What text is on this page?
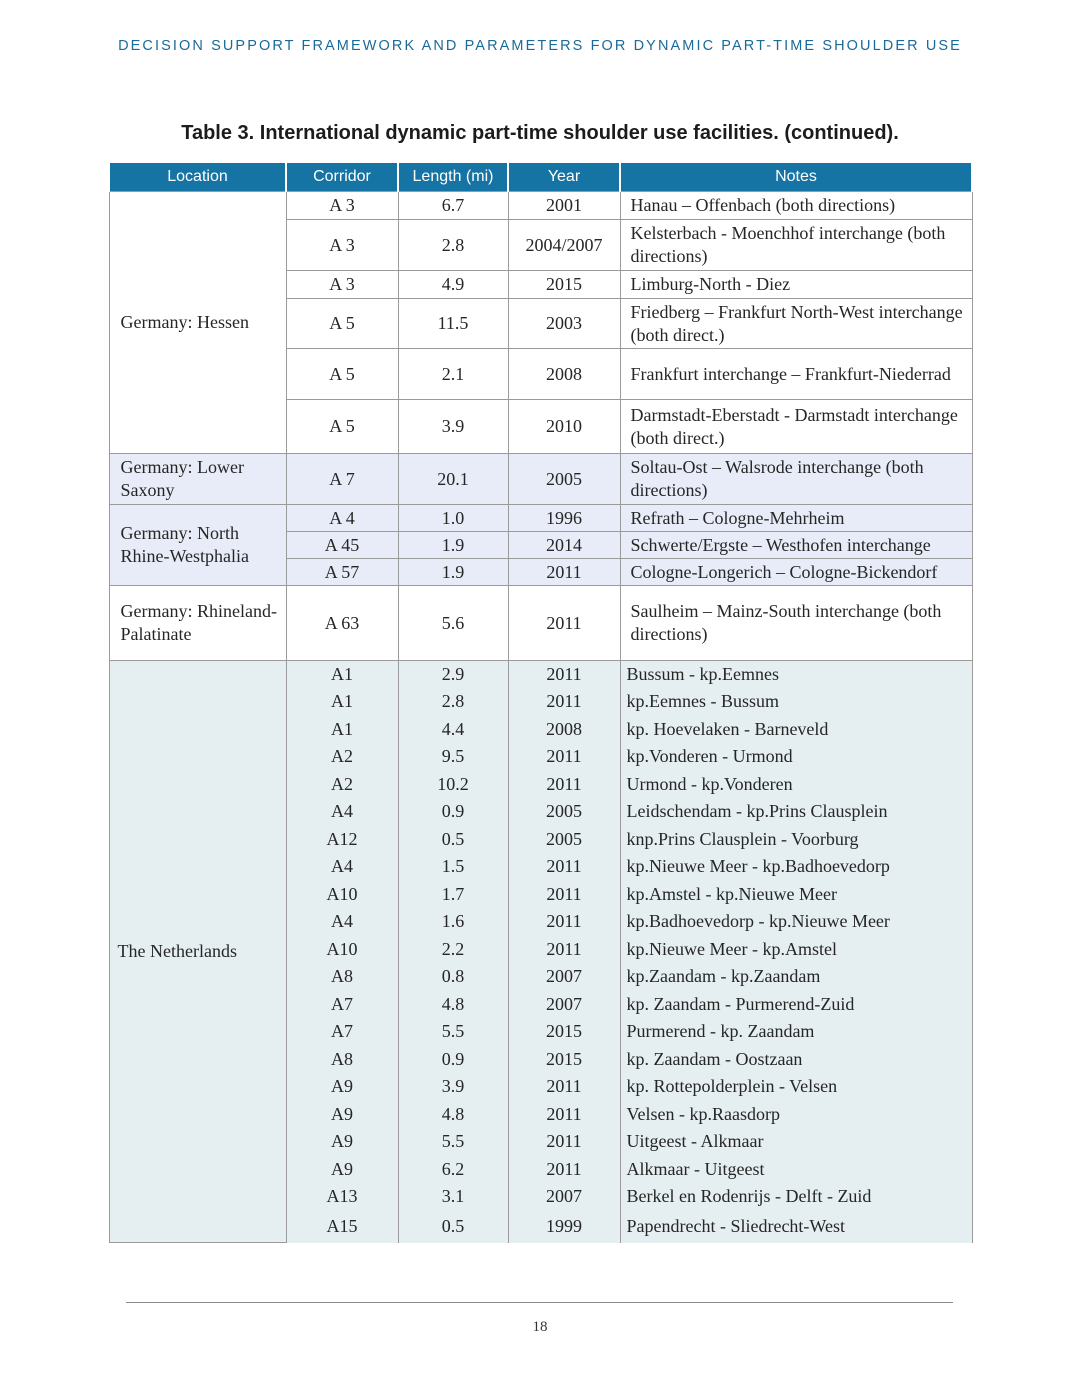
DECISION SUPPORT FRAMEWORK AND PARAMETERS FOR DYNAMIC PART-TIME SHOULDER USE
Table 3. International dynamic part-time shoulder use facilities. (continued).
Location	Corridor	Length (mi)	Year	Notes
Germany: Hessen	A 3	6.7	2001	Hanau – Offenbach (both directions)
	A 3	2.8	2004/2007	Kelsterbach - Moenchhof interchange (both directions)
	A 3	4.9	2015	Limburg-North - Diez
	A 5	11.5	2003	Friedberg – Frankfurt North-West interchange (both direct.)
	A 5	2.1	2008	Frankfurt interchange – Frankfurt-Niederrad
	A 5	3.9	2010	Darmstadt-Eberstadt - Darmstadt interchange (both direct.)
Germany: Lower Saxony	A 7	20.1	2005	Soltau-Ost – Walsrode interchange (both directions)
Germany: North Rhine-Westphalia	A 4	1.0	1996	Refrath – Cologne-Mehrheim
	A 45	1.9	2014	Schwerte/Ergste – Westhofen interchange
	A 57	1.9	2011	Cologne-Longerich – Cologne-Bickendorf
Germany: Rhineland-Palatinate	A 63	5.6	2011	Saulheim – Mainz-South interchange (both directions)
The Netherlands	A1	2.9	2011	Bussum - kp.Eemnes
	A1	2.8	2011	kp.Eemnes - Bussum
	A1	4.4	2008	kp. Hoevelaken - Barneveld
	A2	9.5	2011	kp.Vonderen - Urmond
	A2	10.2	2011	Urmond - kp.Vonderen
	A4	0.9	2005	Leidschendam - kp.Prins Clausplein
	A12	0.5	2005	knp.Prins Clausplein - Voorburg
	A4	1.5	2011	kp.Nieuwe Meer - kp.Badhoevedorp
	A10	1.7	2011	kp.Amstel - kp.Nieuwe Meer
	A4	1.6	2011	kp.Badhoevedorp - kp.Nieuwe Meer
	A10	2.2	2011	kp.Nieuwe Meer - kp.Amstel
	A8	0.8	2007	kp.Zaandam - kp.Zaandam
	A7	4.8	2007	kp. Zaandam - Purmerend-Zuid
	A7	5.5	2015	Purmerend - kp. Zaandam
	A8	0.9	2015	kp. Zaandam - Oostzaan
	A9	3.9	2011	kp. Rottepolderplein - Velsen
	A9	4.8	2011	Velsen - kp.Raasdorp
	A9	5.5	2011	Uitgeest - Alkmaar
	A9	6.2	2011	Alkmaar - Uitgeest
	A13	3.1	2007	Berkel en Rodenrijs - Delft - Zuid
	A15	0.5	1999	Papendrecht - Sliedrecht-West
18
